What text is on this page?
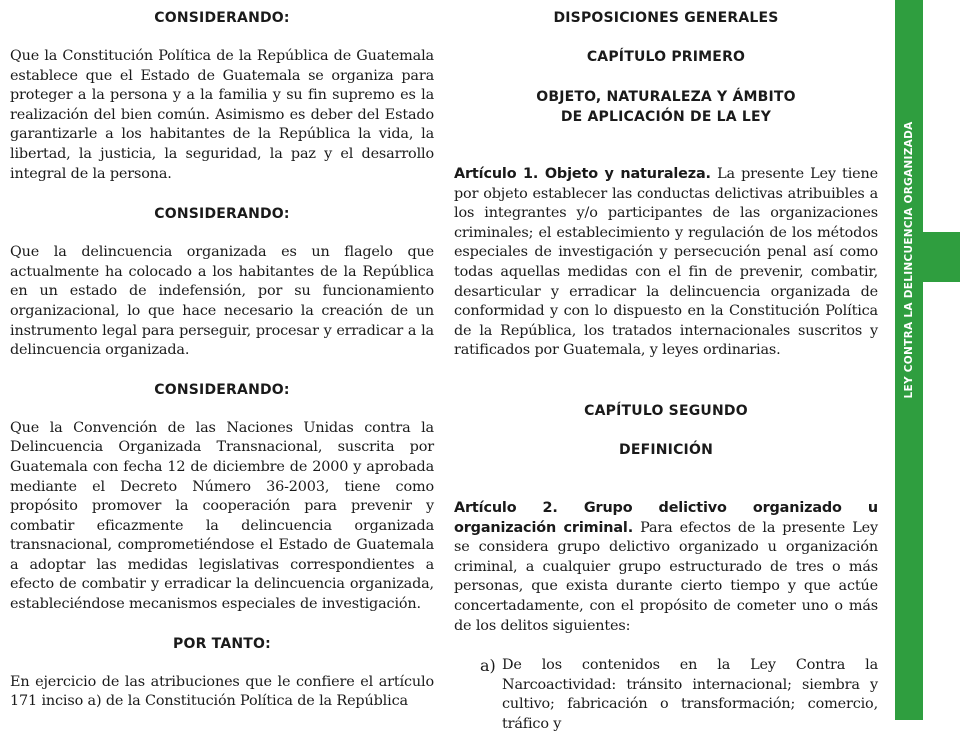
CONSIDERANDO:

Que la Constitución Política de la República de Guatemala establece que el Estado de Guatemala se organiza para proteger a la persona y a la familia y su fin supremo es la realización del bien común. Asimismo es deber del Estado garantizarle a los habitantes de la República la vida, la libertad, la justicia, la seguridad, la paz y el desarrollo integral de la persona.

CONSIDERANDO:

Que la delincuencia organizada es un flagelo que actualmente ha colocado a los habitantes de la República en un estado de indefensión, por su funcionamiento organizacional, lo que hace necesario la creación de un instrumento legal para perseguir, procesar y erradicar a la delincuencia organizada.

CONSIDERANDO:

Que la Convención de las Naciones Unidas contra la Delincuencia Organizada Transnacional, suscrita por Guatemala con fecha 12 de diciembre de 2000 y aprobada mediante el Decreto Número 36-2003, tiene como propósito promover la cooperación para prevenir y combatir eficazmente la delincuencia organizada transnacional, comprometiéndose el Estado de Guatemala a adoptar las medidas legislativas correspondientes a efecto de combatir y erradicar la delincuencia organizada, estableciéndose mecanismos especiales de investigación.

POR TANTO:

En ejercicio de las atribuciones que le confiere el artículo 171 inciso a) de la Constitución Política de la República

DISPOSICIONES GENERALES
CAPÍTULO PRIMERO
OBJETO, NATURALEZA Y ÁMBITO
DE APLICACIÓN DE LA LEY

Artículo 1. Objeto y naturaleza. La presente Ley tiene por objeto establecer las conductas delictivas atribuibles a los integrantes y/o participantes de las organizaciones criminales; el establecimiento y regulación de los métodos especiales de investigación y persecución penal así como todas aquellas medidas con el fin de prevenir, combatir, desarticular y erradicar la delincuencia organizada de conformidad y con lo dispuesto en la Constitución Política de la República, los tratados internacionales suscritos y ratificados por Guatemala, y leyes ordinarias.

CAPÍTULO SEGUNDO
DEFINICIÓN

Artículo 2. Grupo delictivo organizado u organización criminal. Para efectos de la presente Ley se considera grupo delictivo organizado u organización criminal, a cualquier grupo estructurado de tres o más personas, que exista durante cierto tiempo y que actúe concertadamente, con el propósito de cometer uno o más de los delitos siguientes:

a) De los contenidos en la Ley Contra la Narcoactividad: tránsito internacional; siembra y cultivo; fabricación o transformación; comercio, tráfico y

LEY CONTRA LA DELINCUENCIA ORGANIZADA
